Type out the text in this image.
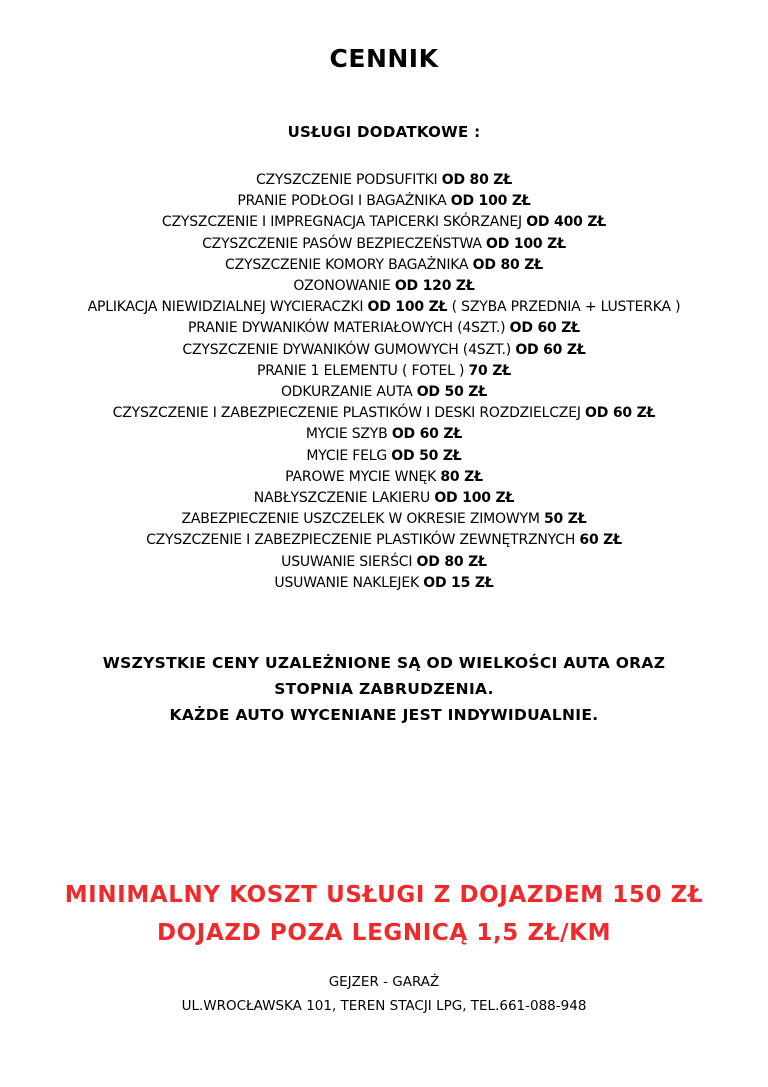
CENNIK
USŁUGI DODATKOWE :
CZYSZCZENIE PODSUFITKI OD 80 ZŁ
PRANIE PODŁOGI I BAGAŻNIKA OD 100 ZŁ
CZYSZCZENIE I IMPREGNACJA TAPICERKI SKÓRZANEJ OD 400 ZŁ
CZYSZCZENIE PASÓW BEZPIECZEŃSTWA OD 100 ZŁ
CZYSZCZENIE KOMORY BAGAŻNIKA OD 80 ZŁ
OZONOWANIE OD 120 ZŁ
APLIKACJA NIEWIDZIALNEJ WYCIERACZKI OD 100 ZŁ ( SZYBA PRZEDNIA + LUSTERKA )
PRANIE DYWANIKÓW MATERIAŁOWYCH (4SZT.) OD 60 ZŁ
CZYSZCZENIE DYWANIKÓW GUMOWYCH (4SZT.) OD 60 ZŁ
PRANIE 1 ELEMENTU ( FOTEL ) 70 ZŁ
ODKURZANIE AUTA OD 50 ZŁ
CZYSZCZENIE I ZABEZPIECZENIE PLASTIKÓW I DESKI ROZDZIELCZEJ OD 60 ZŁ
MYCIE SZYB OD 60 ZŁ
MYCIE FELG OD 50 ZŁ
PAROWE MYCIE WNĘK 80 ZŁ
NABŁYSZCZENIE LAKIERU OD 100 ZŁ
ZABEZPIECZENIE USZCZELEK W OKRESIE ZIMOWYM 50 ZŁ
CZYSZCZENIE I ZABEZPIECZENIE PLASTIKÓW ZEWNĘTRZNYCH 60 ZŁ
USUWANIE SIERŚCI OD 80 ZŁ
USUWANIE NAKLEJEK OD 15 ZŁ
WSZYSTKIE CENY UZALEŻNIONE SĄ OD WIELKOŚCI AUTA ORAZ
STOPNIA ZABRUDZENIA.
KAŻDE AUTO WYCENIANE JEST INDYWIDUALNIE.
MINIMALNY KOSZT USŁUGI Z DOJAZDEM 150 ZŁ
DOJAZD POZA LEGNICĄ 1,5 ZŁ/KM
GEJZER - GARAŻ
UL.WROCŁAWSKA 101, TEREN STACJI LPG, TEL.661-088-948
